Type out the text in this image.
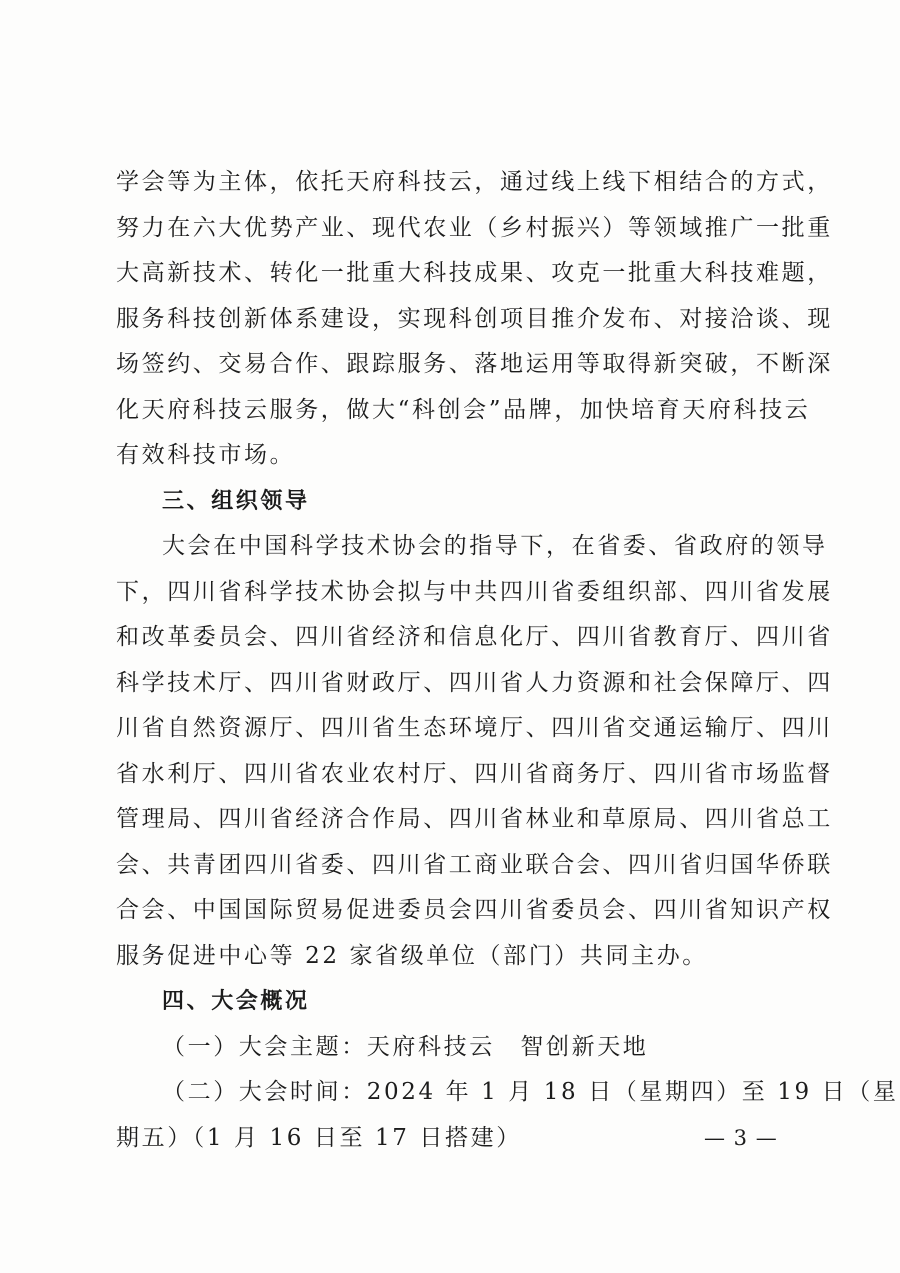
学会等为主体，依托天府科技云，通过线上线下相结合的方式，
努力在六大优势产业、现代农业（乡村振兴）等领域推广一批重
大高新技术、转化一批重大科技成果、攻克一批重大科技难题，
服务科技创新体系建设，实现科创项目推介发布、对接洽谈、现
场签约、交易合作、跟踪服务、落地运用等取得新突破，不断深
化天府科技云服务，做大“科创会”品牌，加快培育天府科技云
有效科技市场。
三、组织领导
大会在中国科学技术协会的指导下，在省委、省政府的领导
下，四川省科学技术协会拟与中共四川省委组织部、四川省发展
和改革委员会、四川省经济和信息化厅、四川省教育厅、四川省
科学技术厅、四川省财政厅、四川省人力资源和社会保障厅、四
川省自然资源厅、四川省生态环境厅、四川省交通运输厅、四川
省水利厅、四川省农业农村厅、四川省商务厅、四川省市场监督
管理局、四川省经济合作局、四川省林业和草原局、四川省总工
会、共青团四川省委、四川省工商业联合会、四川省归国华侨联
合会、中国国际贸易促进委员会四川省委员会、四川省知识产权
服务促进中心等 22 家省级单位（部门）共同主办。
四、大会概况
（一）大会主题：天府科技云　智创新天地
（二）大会时间：2024 年 1 月 18 日（星期四）至 19 日（星
期五）（1 月 16 日至 17 日搭建）	— 3 —
